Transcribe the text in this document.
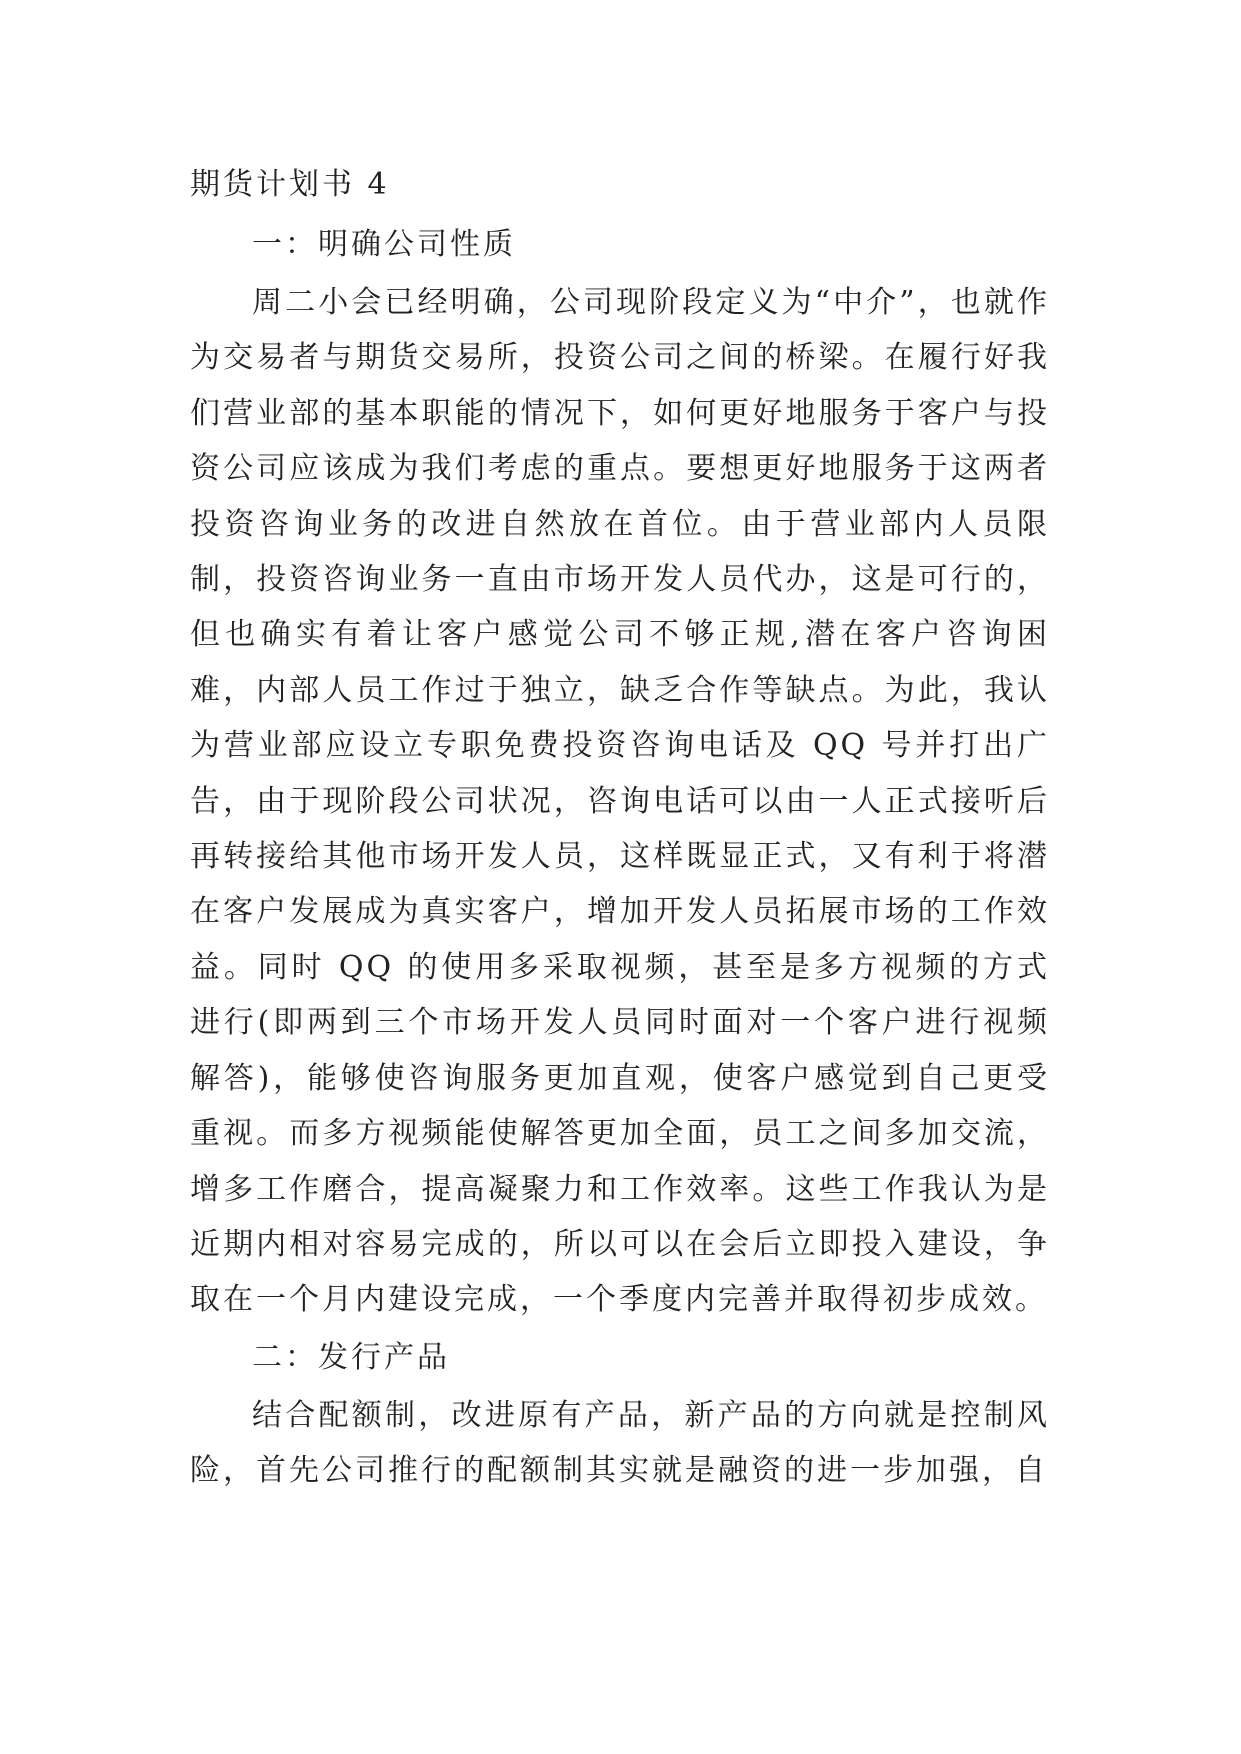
期货计划书 4
一：明确公司性质

周二小会已经明确，公司现阶段定义为“中介”，也就作为交易者与期货交易所，投资公司之间的桥梁。在履行好我们营业部的基本职能的情况下，如何更好地服务于客户与投资公司应该成为我们考虑的重点。要想更好地服务于这两者投资咨询业务的改进自然放在首位。由于营业部内人员限制，投资咨询业务一直由市场开发人员代办，这是可行的，但也确实有着让客户感觉公司不够正规,潜在客户咨询困难，内部人员工作过于独立，缺乏合作等缺点。为此，我认为营业部应设立专职免费投资咨询电话及 QQ 号并打出广告，由于现阶段公司状况，咨询电话可以由一人正式接听后再转接给其他市场开发人员，这样既显正式，又有利于将潜在客户发展成为真实客户，增加开发人员拓展市场的工作效益。同时 QQ 的使用多采取视频，甚至是多方视频的方式进行(即两到三个市场开发人员同时面对一个客户进行视频解答)，能够使咨询服务更加直观，使客户感觉到自己更受重视。而多方视频能使解答更加全面，员工之间多加交流，增多工作磨合，提高凝聚力和工作效率。这些工作我认为是近期内相对容易完成的，所以可以在会后立即投入建设，争取在一个月内建设完成，一个季度内完善并取得初步成效。

二：发行产品

结合配额制，改进原有产品，新产品的方向就是控制风险，首先公司推行的配额制其实就是融资的进一步加强，自
